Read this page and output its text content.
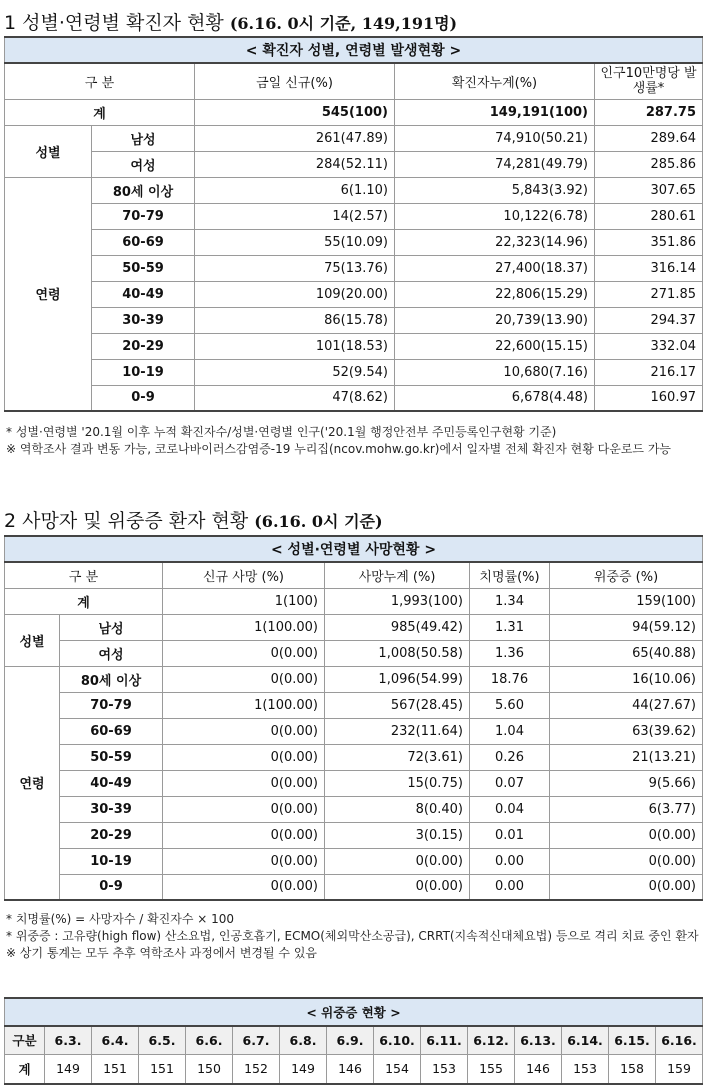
1 성별·연령별 확진자 현황 (6.16. 0시 기준, 149,191명)
< 확진자 성별, 연령별 발생현황 >				
구 분		금일 신규(%)	확진자누계(%)	인구10만명당 발생률*
계		545(100)	149,191(100)	287.75
성별	남성	261(47.89)	74,910(50.21)	289.64
	여성	284(52.11)	74,281(49.79)	285.86
연령	80세 이상	6(1.10)	5,843(3.92)	307.65
	70-79	14(2.57)	10,122(6.78)	280.61
	60-69	55(10.09)	22,323(14.96)	351.86
	50-59	75(13.76)	27,400(18.37)	316.14
	40-49	109(20.00)	22,806(15.29)	271.85
	30-39	86(15.78)	20,739(13.90)	294.37
	20-29	101(18.53)	22,600(15.15)	332.04
	10-19	52(9.54)	10,680(7.16)	216.17
	0-9	47(8.62)	6,678(4.48)	160.97
* 성별·연령별 '20.1월 이후 누적 확진자수/성별·연령별 인구('20.1월 행정안전부 주민등록인구현황 기준)
※ 역학조사 결과 변동 가능, 코로나바이러스감염증-19 누리집(ncov.mohw.go.kr)에서 일자별 전체 확진자 현황 다운로드 가능
2 사망자 및 위중증 환자 현황 (6.16. 0시 기준)
< 성별·연령별 사망현황 >					
구 분		신규 사망 (%)	사망누계 (%)	치명률(%)	위중증 (%)
계		1(100)	1,993(100)	1.34	159(100)
성별	남성	1(100.00)	985(49.42)	1.31	94(59.12)
	여성	0(0.00)	1,008(50.58)	1.36	65(40.88)
연령	80세 이상	0(0.00)	1,096(54.99)	18.76	16(10.06)
	70-79	1(100.00)	567(28.45)	5.60	44(27.67)
	60-69	0(0.00)	232(11.64)	1.04	63(39.62)
	50-59	0(0.00)	72(3.61)	0.26	21(13.21)
	40-49	0(0.00)	15(0.75)	0.07	9(5.66)
	30-39	0(0.00)	8(0.40)	0.04	6(3.77)
	20-29	0(0.00)	3(0.15)	0.01	0(0.00)
	10-19	0(0.00)	0(0.00)	0.00	0(0.00)
	0-9	0(0.00)	0(0.00)	0.00	0(0.00)
* 치명률(%) = 사망자수 / 확진자수 × 100
* 위중증 : 고유량(high flow) 산소요법, 인공호흡기, ECMO(체외막산소공급), CRRT(지속적신대체요법) 등으로 격리 치료 중인 환자
※ 상기 통계는 모두 추후 역학조사 과정에서 변경될 수 있음
< 위중증 현황 >														
구분	6.3.	6.4.	6.5.	6.6.	6.7.	6.8.	6.9.	6.10.	6.11.	6.12.	6.13.	6.14.	6.15.	6.16.
계	149	151	151	150	152	149	146	154	153	155	146	153	158	159
